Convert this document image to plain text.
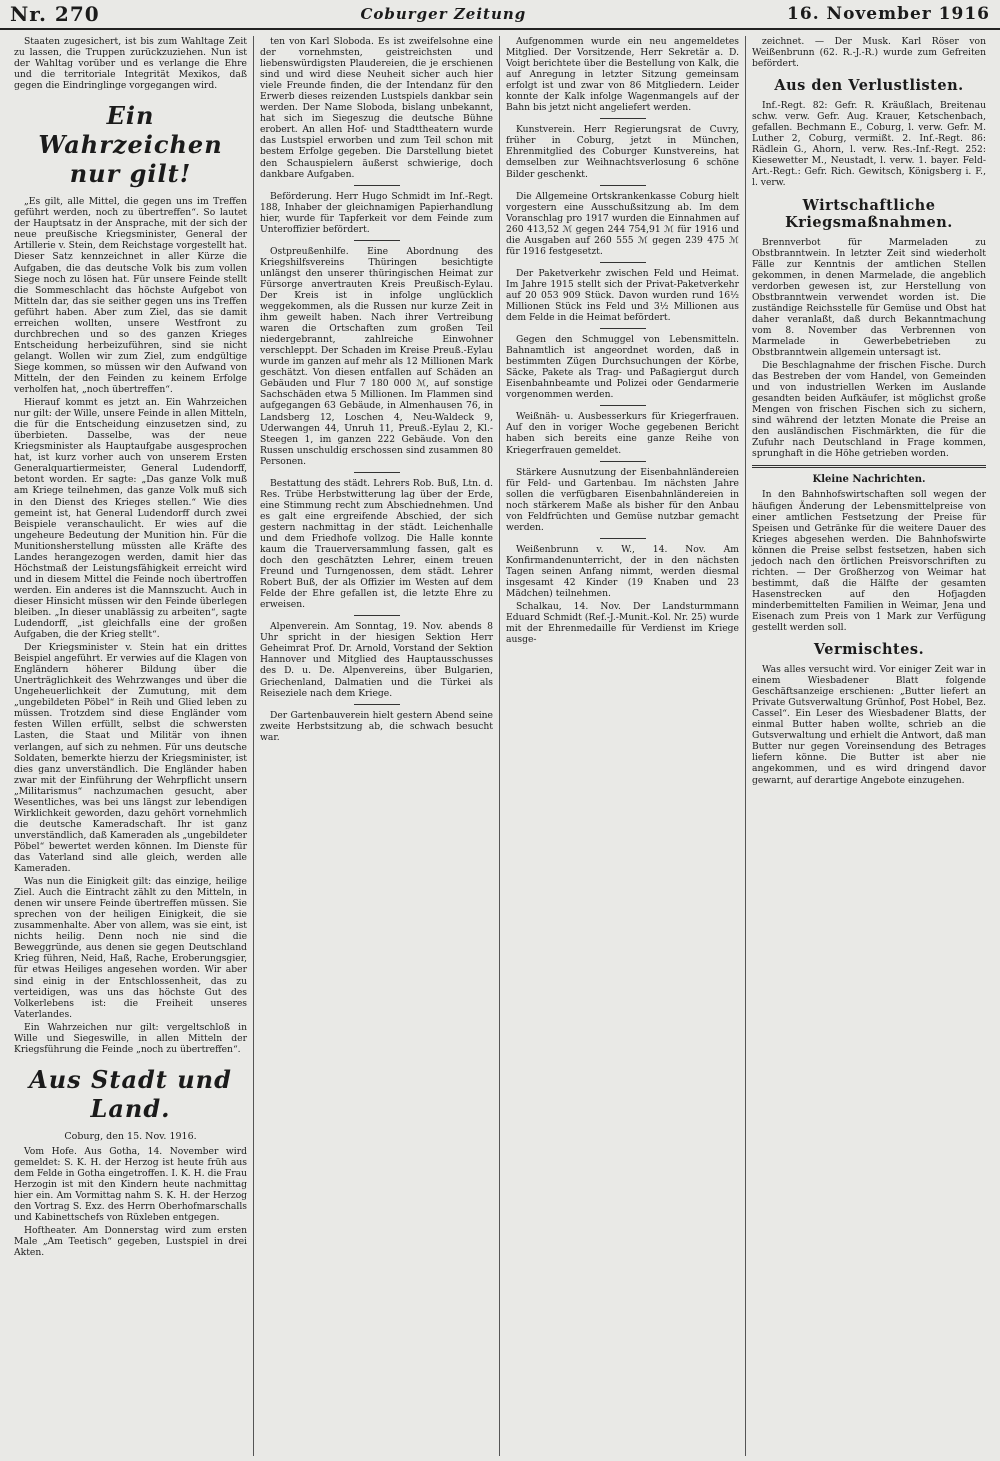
Nr. 270	Coburger Zeitung	16. November 1916

Staaten zugesichert, ist bis zum Wahltage Zeit zu lassen, die Truppen zurückzuziehen. Nun ist der Wahltag vorüber und es verlange die Ehre und die territoriale Integrität Mexikos, daß gegen die Eindringlinge vorgegangen wird.

Ein Wahrzeichen nur gilt!

„Es gilt, alle Mittel, die gegen uns im Treffen geführt werden, noch zu übertreffen“. So lautet der Hauptsatz in der Ansprache, mit der sich der neue preußische Kriegsminister, General der Artillerie v. Stein, dem Reichstage vorgestellt hat. Dieser Satz kennzeichnet in aller Kürze die Aufgaben, die das deutsche Volk bis zum vollen Siege noch zu lösen hat. Für unsere Feinde stellt die Sommeschlacht das höchste Aufgebot von Mitteln dar, das sie seither gegen uns ins Treffen geführt haben. Aber zum Ziel, das sie damit erreichen wollten, unsere Westfront zu durchbrechen und so des ganzen Krieges Entscheidung herbeizuführen, sind sie nicht gelangt. Wollen wir zum Ziel, zum endgültige Siege kommen, so müssen wir den Aufwand von Mitteln, der den Feinden zu keinem Erfolge verholfen hat, „noch übertreffen“.

Hierauf kommt es jetzt an. Ein Wahrzeichen nur gilt: der Wille, unsere Feinde in allen Mitteln, die für die Entscheidung einzusetzen sind, zu überbieten. Dasselbe, was der neue Kriegsminister als Hauptaufgabe ausgesprochen hat, ist kurz vorher auch von unserem Ersten Generalquartiermeister, General Ludendorff, betont worden. Er sagte: „Das ganze Volk muß am Kriege teilnehmen, das ganze Volk muß sich in den Dienst des Krieges stellen.“ Wie dies gemeint ist, hat General Ludendorff durch zwei Beispiele veranschaulicht. Er wies auf die ungeheure Bedeutung der Munition hin. Für die Munitionsherstellung müssten alle Kräfte des Landes herangezogen werden, damit hier das Höchstmaß der Leistungsfähigkeit erreicht wird und in diesem Mittel die Feinde noch übertroffen werden. Ein anderes ist die Mannszucht. Auch in dieser Hinsicht müssen wir den Feinde überlegen bleiben. „In dieser unablässig zu arbeiten“, sagte Ludendorff, „ist gleichfalls eine der großen Aufgaben, die der Krieg stellt“.

Der Kriegsminister v. Stein hat ein drittes Beispiel angeführt. Er verwies auf die Klagen von Engländern höherer Bildung über die Unerträglichkeit des Wehrzwanges und über die Ungeheuerlichkeit der Zumutung, mit dem „ungebildeten Pöbel“ in Reih und Glied leben zu müssen. Trotzdem sind diese Engländer vom festen Willen erfüllt, selbst die schwersten Lasten, die Staat und Militär von ihnen verlangen, auf sich zu nehmen. Für uns deutsche Soldaten, bemerkte hierzu der Kriegsminister, ist dies ganz unverständlich. Die Engländer haben zwar mit der Einführung der Wehrpflicht unsern „Militarismus“ nachzumachen gesucht, aber Wesentliches, was bei uns längst zur lebendigen Wirklichkeit geworden, dazu gehört vornehmlich die deutsche Kameradschaft. Ihr ist ganz unverständlich, daß Kameraden als „ungebildeter Pöbel“ bewertet werden können. Im Dienste für das Vaterland sind alle gleich, werden alle Kameraden.

Was nun die Einigkeit gilt: das einzige, heilige Ziel. Auch die Eintracht zählt zu den Mitteln, in denen wir unsere Feinde übertreffen müssen. Sie sprechen von der heiligen Einigkeit, die sie zusammenhalte. Aber von allem, was sie eint, ist nichts heilig. Denn noch nie sind die Beweggründe, aus denen sie gegen Deutschland Krieg führen, Neid, Haß, Rache, Eroberungsgier, für etwas Heiliges angesehen worden. Wir aber sind einig in der Entschlossenheit, das zu verteidigen, was uns das höchste Gut des Volkerlebens ist: die Freiheit unseres Vaterlandes.

Ein Wahrzeichen nur gilt: vergeltschloß in Wille und Siegeswille, in allen Mitteln der Kriegsführung die Feinde „noch zu übertreffen“.

Aus Stadt und Land.

Coburg, den 15. Nov. 1916.

Vom Hofe. Aus Gotha, 14. November wird gemeldet: S. K. H. der Herzog ist heute früh aus dem Felde in Gotha eingetroffen. I. K. H. die Frau Herzogin ist mit den Kindern heute nachmittag hier ein. Am Vormittag nahm S. K. H. der Herzog den Vortrag S. Exz. des Herrn Oberhofmarschalls und Kabinettschefs von Rüxleben entgegen.

Hoftheater. Am Donnerstag wird zum ersten Male „Am Teetisch“ gegeben, Lustspiel in drei Akten.

ten von Karl Sloboda. Es ist zweifelsohne eine der vornehmsten, geistreichsten und liebenswürdigsten Plaudereien, die je erschienen sind und wird diese Neuheit sicher auch hier viele Freunde finden, die der Intendanz für den Erwerb dieses reizenden Lustspiels dankbar sein werden. Der Name Sloboda, bislang unbekannt, hat sich im Siegeszug die deutsche Bühne erobert. An allen Hof- und Stadttheatern wurde das Lustspiel erworben und zum Teil schon mit bestem Erfolge gegeben. Die Darstellung bietet den Schauspielern äußerst schwierige, doch dankbare Aufgaben.

Beförderung. Herr Hugo Schmidt im Inf.-Regt. 188, Inhaber der gleichnamigen Papierhandlung hier, wurde für Tapferkeit vor dem Feinde zum Unteroffizier befördert.

Ostpreußenhilfe. Eine Abordnung des Kriegshilfsvereins Thüringen besichtigte unlängst den unserer thüringischen Heimat zur Fürsorge anvertrauten Kreis Preußisch-Eylau. Der Kreis ist in infolge unglücklich weggekommen, als die Russen nur kurze Zeit in ihm geweilt haben. Nach ihrer Vertreibung waren die Ortschaften zum großen Teil niedergebrannt, zahlreiche Einwohner verschleppt. Der Schaden im Kreise Preuß.-Eylau wurde im ganzen auf mehr als 12 Millionen Mark geschätzt. Von diesen entfallen auf Schäden an Gebäuden und Flur 7 180 000 ℳ, auf sonstige Sachschäden etwa 5 Millionen. Im Flammen sind aufgegangen 63 Gebäude, in Almenhausen 76, in Landsberg 12, Loschen 4, Neu-Waldeck 9, Uderwangen 44, Unruh 11, Preuß.-Eylau 2, Kl.-Steegen 1, im ganzen 222 Gebäude. Von den Russen unschuldig erschossen sind zusammen 80 Personen.

Bestattung des städt. Lehrers Rob. Buß, Ltn. d. Res. Trübe Herbstwitterung lag über der Erde, eine Stimmung recht zum Abschiednehmen. Und es galt eine ergreifende Abschied, der sich gestern nachmittag in der städt. Leichenhalle und dem Friedhofe vollzog. Die Halle konnte kaum die Trauerversammlung fassen, galt es doch den geschätzten Lehrer, einem treuen Freund und Turngenossen, dem städt. Lehrer Robert Buß, der als Offizier im Westen auf dem Felde der Ehre gefallen ist, die letzte Ehre zu erweisen.

Alpenverein. Am Sonntag, 19. Nov. abends 8 Uhr spricht in der hiesigen Sektion Herr Geheimrat Prof. Dr. Arnold, Vorstand der Sektion Hannover und Mitglied des Hauptausschusses des D. u. De. Alpenvereins, über Bulgarien, Griechenland, Dalmatien und die Türkei als Reiseziele nach dem Kriege.

Der Gartenbauverein hielt gestern Abend seine zweite Herbstsitzung ab, die schwach besucht war.

Aufgenommen wurde ein neu angemeldetes Mitglied. Der Vorsitzende, Herr Sekretär a. D. Voigt berichtete über die Bestellung von Kalk, die auf Anregung in letzter Sitzung gemeinsam erfolgt ist und zwar von 86 Mitgliedern. Leider konnte der Kalk infolge Wagenmangels auf der Bahn bis jetzt nicht angeliefert werden.

Kunstverein. Herr Regierungsrat de Cuvry, früher in Coburg, jetzt in München, Ehrenmitglied des Coburger Kunstvereins, hat demselben zur Weihnachtsverlosung 6 schöne Bilder geschenkt.

Die Allgemeine Ortskrankenkasse Coburg hielt vorgestern eine Ausschußsitzung ab. Im dem Voranschlag pro 1917 wurden die Einnahmen auf 260 413,52 ℳ gegen 244 754,91 ℳ für 1916 und die Ausgaben auf 260 555 ℳ gegen 239 475 ℳ für 1916 festgesetzt.

Der Paketverkehr zwischen Feld und Heimat. Im Jahre 1915 stellt sich der Privat-Paketverkehr auf 20 053 909 Stück. Davon wurden rund 16½ Millionen Stück ins Feld und 3½ Millionen aus dem Felde in die Heimat befördert.

Gegen den Schmuggel von Lebensmitteln. Bahnamtlich ist angeordnet worden, daß in bestimmten Zügen Durchsuchungen der Körbe, Säcke, Pakete als Trag- und Paßagiergut durch Eisenbahnbeamte und Polizei oder Gendarmerie vorgenommen werden.

Weißnäh- u. Ausbesserkurs für Kriegerfrauen. Auf den in voriger Woche gegebenen Bericht haben sich bereits eine ganze Reihe von Kriegerfrauen gemeldet.

Stärkere Ausnutzung der Eisenbahnländereien für Feld- und Gartenbau. Im nächsten Jahre sollen die verfügbaren Eisenbahnländereien in noch stärkerem Maße als bisher für den Anbau von Feldfrüchten und Gemüse nutzbar gemacht werden.

Weißenbrunn v. W., 14. Nov. Am Konfirmandenunterricht, der in den nächsten Tagen seinen Anfang nimmt, werden diesmal insgesamt 42 Kinder (19 Knaben und 23 Mädchen) teilnehmen.

Schalkau, 14. Nov. Der Landsturmmann Eduard Schmidt (Ref.-J.-Munit.-Kol. Nr. 25) wurde mit der Ehrenmedaille für Verdienst im Kriege ausge-

zeichnet. — Der Musk. Karl Röser von Weißenbrunn (62. R.-J.-R.) wurde zum Gefreiten befördert.

Aus den Verlustlisten.

Inf.-Regt. 82: Gefr. R. Kräußlach, Breitenau schw. verw. Gefr. Aug. Krauer, Ketschenbach, gefallen. Bechmann E., Coburg, l. verw. Gefr. M. Luther 2, Coburg, vermißt. 2. Inf.-Regt. 86: Rädlein G., Ahorn, l. verw. Res.-Inf.-Regt. 252: Kiesewetter M., Neustadt, l. verw. 1. bayer. Feld-Art.-Regt.: Gefr. Rich. Gewitsch, Königsberg i. F., l. verw.

Wirtschaftliche Kriegsmaßnahmen.

Brennverbot für Marmeladen zu Obstbranntwein. In letzter Zeit sind wiederholt Fälle zur Kenntnis der amtlichen Stellen gekommen, in denen Marmelade, die angeblich verdorben gewesen ist, zur Herstellung von Obstbranntwein verwendet worden ist. Die zuständige Reichsstelle für Gemüse und Obst hat daher veranlaßt, daß durch Bekanntmachung vom 8. November das Verbrennen von Marmelade in Gewerbebetrieben zu Obstbranntwein allgemein untersagt ist.

Die Beschlagnahme der frischen Fische. Durch das Bestreben der vom Handel, von Gemeinden und von industriellen Werken im Auslande gesandten beiden Aufkäufer, ist möglichst große Mengen von frischen Fischen sich zu sichern, sind während der letzten Monate die Preise an den ausländischen Fischmärkten, die für die Zufuhr nach Deutschland in Frage kommen, sprunghaft in die Höhe getrieben worden.

Kleine Nachrichten.

In den Bahnhofswirtschaften soll wegen der häufigen Änderung der Lebensmittelpreise von einer amtlichen Festsetzung der Preise für Speisen und Getränke für die weitere Dauer des Krieges abgesehen werden. Die Bahnhofswirte können die Preise selbst festsetzen, haben sich jedoch nach den örtlichen Preisvorschriften zu richten. — Der Großherzog von Weimar hat bestimmt, daß die Hälfte der gesamten Hasenstrecken auf den Hofjagden minderbemittelten Familien in Weimar, Jena und Eisenach zum Preis von 1 Mark zur Verfügung gestellt werden soll.

Vermischtes.

Was alles versucht wird. Vor einiger Zeit war in einem Wiesbadener Blatt folgende Geschäftsanzeige erschienen: „Butter liefert an Private Gutsverwaltung Grünhof, Post Hobel, Bez. Cassel“. Ein Leser des Wiesbadener Blatts, der einmal Butter haben wollte, schrieb an die Gutsverwaltung und erhielt die Antwort, daß man Butter nur gegen Voreinsendung des Betrages liefern könne. Die Butter ist aber nie angekommen, und es wird dringend davor gewarnt, auf derartige Angebote einzugehen.
